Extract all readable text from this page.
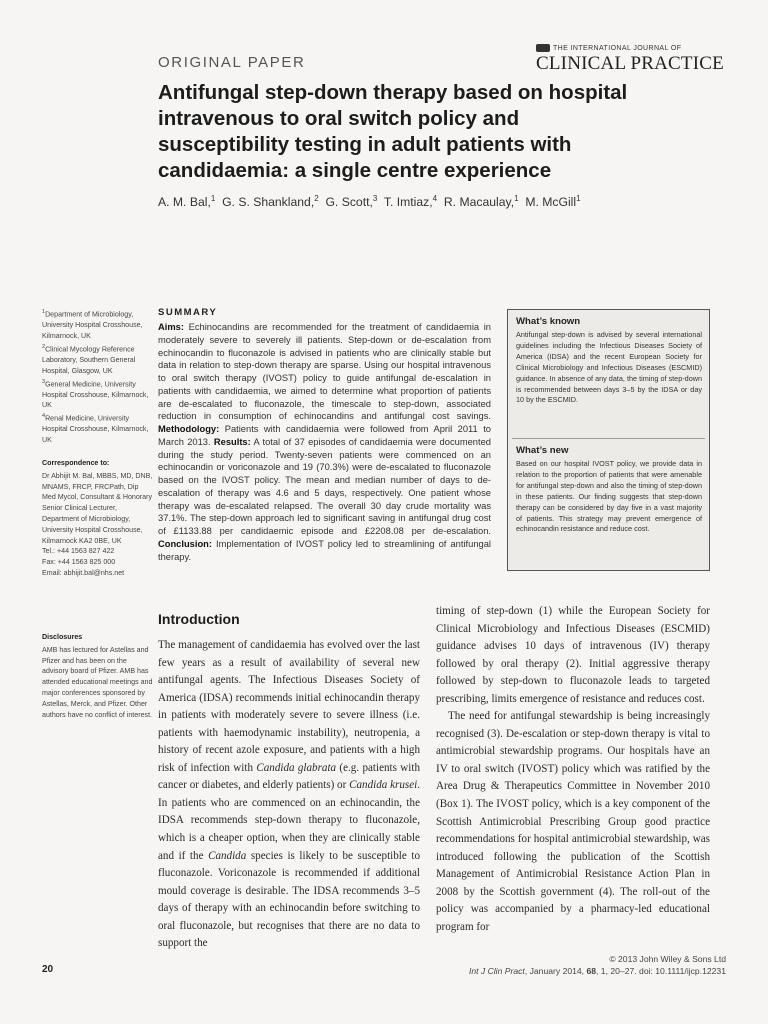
ORIGINAL PAPER
THE INTERNATIONAL JOURNAL OF
CLINICAL PRACTICE
Antifungal step-down therapy based on hospital intravenous to oral switch policy and susceptibility testing in adult patients with candidaemia: a single centre experience
A. M. Bal,$^1$ G. S. Shankland,$^2$ G. Scott,$^3$ T. Imtiaz,$^4$ R. Macaulay,$^1$ M. McGill$^1$

$^1$Department of Microbiology, University Hospital Crosshouse, Kilmarnock, UK

$^2$Clinical Mycology Reference Laboratory, Southern General Hospital, Glasgow, UK

$^3$General Medicine, University Hospital Crosshouse, Kilmarnock, UK

$^4$Renal Medicine, University Hospital Crosshouse, Kilmarnock, UK

Correspondence to:

Dr Abhijit M. Bal, MBBS, MD, DNB, MNAMS, FRCP, FRCPath, Dip Med Mycol, Consultant & Honorary Senior Clinical Lecturer,

Department of Microbiology, University Hospital Crosshouse, Kilmarnock KA2 0BE, UK

Tel.: +44 1563 827 422

Fax: +44 1563 825 000

Email: abhijit.bal@nhs.net

Disclosures

AMB has lectured for Astellas and Pfizer and has been on the advisory board of Pfizer. AMB has attended educational meetings and major conferences sponsored by Astellas, Merck, and Pfizer. Other authors have no conflict of interest.

SUMMARY

Aims: Echinocandins are recommended for the treatment of candidaemia in moderately severe to severely ill patients. Step-down or de-escalation from echinocandin to fluconazole is advised in patients who are clinically stable but data in relation to step-down therapy are sparse. Using our hospital intravenous to oral switch therapy (IVOST) policy to guide antifungal de-escalation in patients with candidaemia, we aimed to determine what proportion of patients are de-escalated to fluconazole, the timescale to step-down, associated reduction in consumption of echinocandins and antifungal cost savings. Methodology: Patients with candidaemia were followed from April 2011 to March 2013. Results: A total of 37 episodes of candidaemia were documented during the study period. Twenty-seven patients were commenced on an echinocandin or voriconazole and 19 (70.3%) were de-escalated to fluconazole based on the IVOST policy. The mean and median number of days to de-escalation of therapy was 4.6 and 5 days, respectively. One patient whose therapy was de-escalated relapsed. The overall 30 day crude mortality was 37.1%. The step-down approach led to significant saving in antifungal drug cost of £1133.88 per candidaemic episode and £2208.08 per de-escalation. Conclusion: Implementation of IVOST policy led to streamlining of antifungal therapy.

What’s known

Antifungal step-down is advised by several international guidelines including the Infectious Diseases Society of America (IDSA) and the recent European Society for Clinical Microbiology and Infectious Diseases (ESCMID) guidance. In absence of any data, the timing of step-down is recommended between days 3–5 by the IDSA or day 10 by the ESCMID.

What’s new

Based on our hospital IVOST policy, we provide data in relation to the proportion of patients that were amenable for antifungal step-down and also the timing of step-down in these patients. Our finding suggests that step-down therapy can be considered by day five in a vast majority of patients. This strategy may prevent emergence of echinocandin resistance and reduce cost.

Introduction

The management of candidaemia has evolved over the last few years as a result of availability of several new antifungal agents. The Infectious Diseases Society of America (IDSA) recommends initial echinocandin therapy in patients with moderately severe to severe illness (i.e. patients with haemodynamic instability), neutropenia, a history of recent azole exposure, and patients with a high risk of infection with Candida glabrata (e.g. patients with cancer or diabetes, and elderly patients) or Candida krusei. In patients who are commenced on an echinocandin, the IDSA recommends step-down therapy to fluconazole, which is a cheaper option, when they are clinically stable and if the Candida species is likely to be susceptible to fluconazole. Voriconazole is recommended if additional mould coverage is desirable. The IDSA recommends 3–5 days of therapy with an echinocandin before switching to oral fluconazole, but recognises that there are no data to support the

timing of step-down (1) while the European Society for Clinical Microbiology and Infectious Diseases (ESCMID) guidance advises 10 days of intravenous (IV) therapy followed by oral therapy (2). Initial aggressive therapy followed by step-down to fluconazole leads to targeted prescribing, limits emergence of resistance and reduces cost.

The need for antifungal stewardship is being increasingly recognised (3). De-escalation or step-down therapy is vital to antimicrobial stewardship programs. Our hospitals have an IV to oral switch (IVOST) policy which was ratified by the Area Drug & Therapeutics Committee in November 2010 (Box 1). The IVOST policy, which is a key component of the Scottish Antimicrobial Prescribing Group good practice recommendations for hospital antimicrobial stewardship, was introduced following the publication of the Scottish Management of Antimicrobial Resistance Action Plan in 2008 by the Scottish government (4). The roll-out of the policy was accompanied by a pharmacy-led educational program for

20
© 2013 John Wiley & Sons Ltd
Int J Clin Pract, January 2014, 68, 1, 20–27. doi: 10.1111/ijcp.12231
